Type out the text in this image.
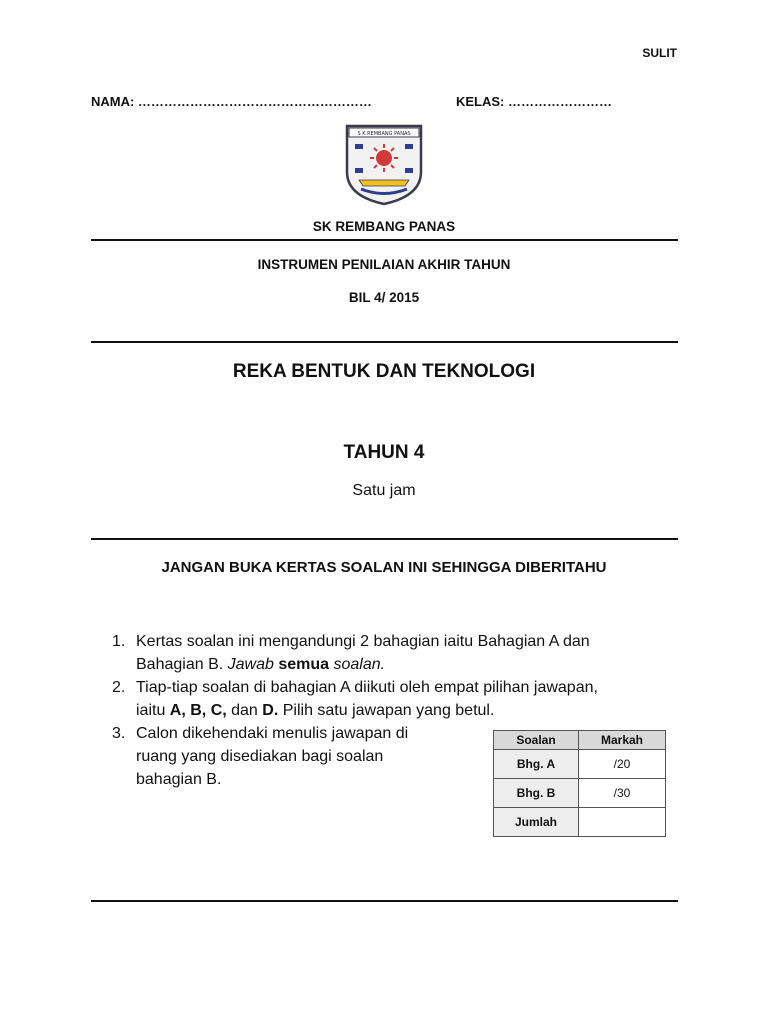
SULIT
NAMA: ………………………………………………	KELAS: ……………………
S K REMBANG PANAS
SK REMBANG PANAS
INSTRUMEN PENILAIAN AKHIR TAHUN
BIL 4/ 2015
REKA BENTUK DAN TEKNOLOGI
TAHUN 4
Satu jam
JANGAN BUKA KERTAS SOALAN INI SEHINGGA DIBERITAHU
1. Kertas soalan ini mengandungi 2 bahagian iaitu Bahagian A dan
Bahagian B. Jawab semua soalan.
2. Tiap-tiap soalan di bahagian A diikuti oleh empat pilihan jawapan,
iaitu A, B, C, dan D. Pilih satu jawapan yang betul.
3. Calon dikehendaki menulis jawapan di
ruang yang disediakan bagi soalan
bahagian B.
Soalan	Markah
Bhg. A	/20
Bhg. B	/30
Jumlah	
